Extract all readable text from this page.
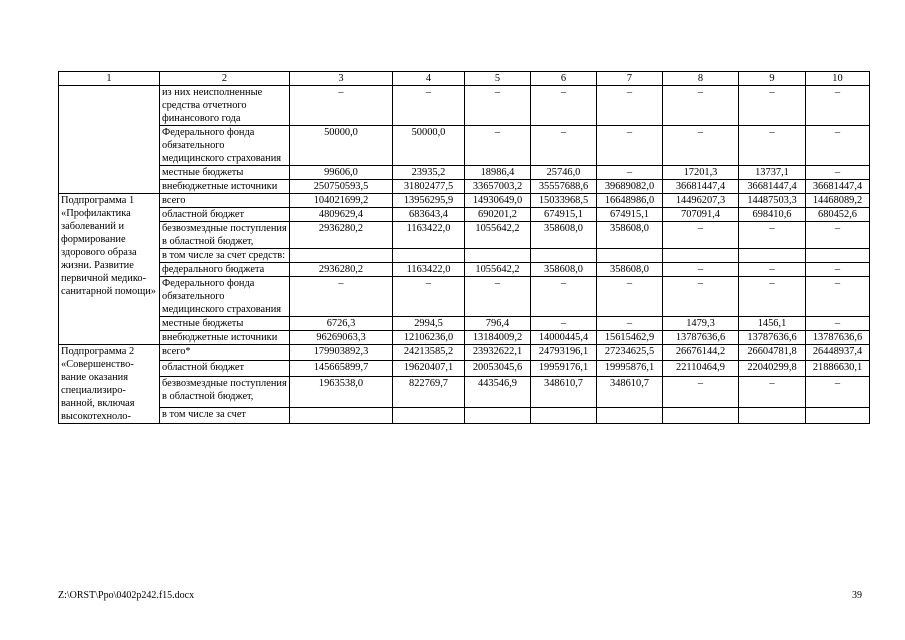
1	2	3	4	5	6	7	8	9	10
	из них неисполненные средства отчетного финансового года	–	–	–	–	–	–	–	–
	Федерального фонда обязательного медицинского страхования	50000,0	50000,0	–	–	–	–	–	–
	местные бюджеты	99606,0	23935,2	18986,4	25746,0	–	17201,3	13737,1	–
	внебюджетные источники	250750593,5	31802477,5	33657003,2	35557688,6	39689082,0	36681447,4	36681447,4	36681447,4
Подпрограмма 1 «Профилактика заболеваний и формирование здорового образа жизни. Развитие первичной медико-санитарной помощи»	всего	104021699,2	13956295,9	14930649,0	15033968,5	16648986,0	14496207,3	14487503,3	14468089,2
	областной бюджет	4809629,4	683643,4	690201,2	674915,1	674915,1	707091,4	698410,6	680452,6
	безвозмездные поступления в областной бюджет,	2936280,2	1163422,0	1055642,2	358608,0	358608,0	–	–	–
	в том числе за счет средств:								
	федерального бюджета	2936280,2	1163422,0	1055642,2	358608,0	358608,0	–	–	–
	Федерального фонда обязательного медицинского страхования	–	–	–	–	–	–	–	–
	местные бюджеты	6726,3	2994,5	796,4	–	–	1479,3	1456,1	–
	внебюджетные источники	96269063,3	12106236,0	13184009,2	14000445,4	15615462,9	13787636,6	13787636,6	13787636,6
Подпрограмма 2 «Совершенство-вание оказания специализиро-ванной, включая высокотехноло-	всего*	179903892,3	24213585,2	23932622,1	24793196,1	27234625,5	26676144,2	26604781,8	26448937,4
	областной бюджет	145665899,7	19620407,1	20053045,6	19959176,1	19995876,1	22110464,9	22040299,8	21886630,1
	безвозмездные поступления в областной бюджет,	1963538,0	822769,7	443546,9	348610,7	348610,7	–	–	–
	в том числе за счет								
Z:\ORST\Ppo\0402p242.f15.docx	39
